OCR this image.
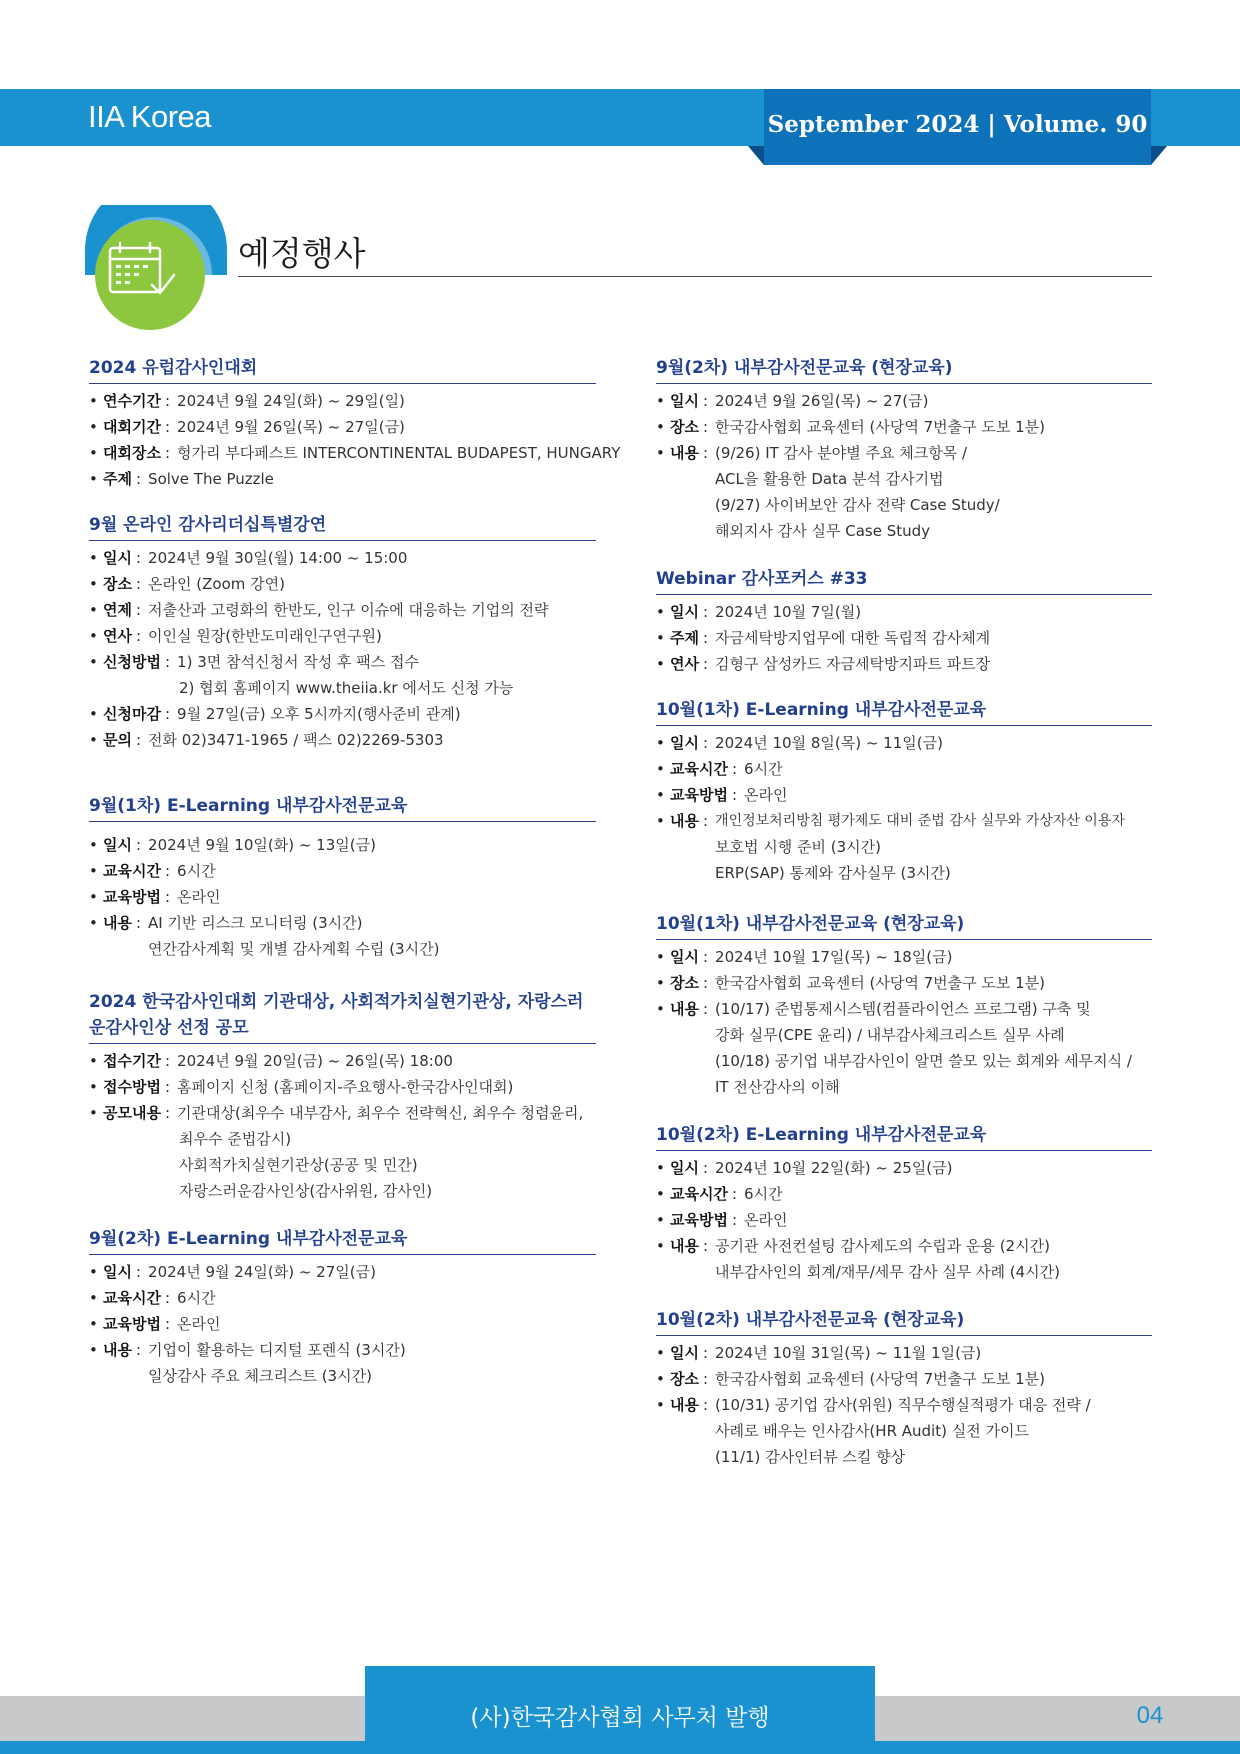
IIA Korea	September 2024 | Volume. 90
예정행사
2024 유럽감사인대회
• 연수기간 : 2024년 9월 24일(화) ~ 29일(일)
• 대회기간 : 2024년 9월 26일(목) ~ 27일(금)
• 대회장소 : 헝가리 부다페스트 INTERCONTINENTAL BUDAPEST, HUNGARY
• 주제 : Solve The Puzzle
9월 온라인 감사리더십특별강연
• 일시 : 2024년 9월 30일(월) 14:00 ~ 15:00
• 장소 : 온라인 (Zoom 강연)
• 연제 : 저출산과 고령화의 한반도, 인구 이슈에 대응하는 기업의 전략
• 연사 : 이인실 원장(한반도미래인구연구원)
• 신청방법 : 1) 3면 참석신청서 작성 후 팩스 접수
2) 협회 홈페이지 www.theiia.kr 에서도 신청 가능
• 신청마감 : 9월 27일(금) 오후 5시까지(행사준비 관계)
• 문의 : 전화 02)3471-1965 / 팩스 02)2269-5303
9월(1차) E-Learning 내부감사전문교육
• 일시 : 2024년 9월 10일(화) ~ 13일(금)
• 교육시간 : 6시간
• 교육방법 : 온라인
• 내용 : AI 기반 리스크 모니터링 (3시간)
연간감사계획 및 개별 감사계획 수립 (3시간)
2024 한국감사인대회 기관대상, 사회적가치실현기관상, 자랑스러운감사인상 선정 공모
• 접수기간 : 2024년 9월 20일(금) ~ 26일(목) 18:00
• 접수방법 : 홈페이지 신청 (홈페이지-주요행사-한국감사인대회)
• 공모내용 : 기관대상(최우수 내부감사, 최우수 전략혁신, 최우수 청렴윤리,
최우수 준법감시)
사회적가치실현기관상(공공 및 민간)
자랑스러운감사인상(감사위원, 감사인)
9월(2차) E-Learning 내부감사전문교육
• 일시 : 2024년 9월 24일(화) ~ 27일(금)
• 교육시간 : 6시간
• 교육방법 : 온라인
• 내용 : 기업이 활용하는 디지털 포렌식 (3시간)
일상감사 주요 체크리스트 (3시간)
9월(2차) 내부감사전문교육 (현장교육)
• 일시 : 2024년 9월 26일(목) ~ 27(금)
• 장소 : 한국감사협회 교육센터 (사당역 7번출구 도보 1분)
• 내용 : (9/26) IT 감사 분야별 주요 체크항목 /
ACL을 활용한 Data 분석 감사기법
(9/27) 사이버보안 감사 전략 Case Study/
해외지사 감사 실무 Case Study
Webinar 감사포커스 #33
• 일시 : 2024년 10월 7일(월)
• 주제 : 자금세탁방지업무에 대한 독립적 감사체계
• 연사 : 김형구 삼성카드 자금세탁방지파트 파트장
10월(1차) E-Learning 내부감사전문교육
• 일시 : 2024년 10월 8일(목) ~ 11일(금)
• 교육시간 : 6시간
• 교육방법 : 온라인
• 내용 : 개인정보처리방침 평가제도 대비 준법 감사 실무와 가상자산 이용자
보호법 시행 준비 (3시간)
ERP(SAP) 통제와 감사실무 (3시간)
10월(1차) 내부감사전문교육 (현장교육)
• 일시 : 2024년 10월 17일(목) ~ 18일(금)
• 장소 : 한국감사협회 교육센터 (사당역 7번출구 도보 1분)
• 내용 : (10/17) 준법통제시스템(컴플라이언스 프로그램) 구축 및
강화 실무(CPE 윤리) / 내부감사체크리스트 실무 사례
(10/18) 공기업 내부감사인이 알면 쓸모 있는 회계와 세무지식 /
IT 전산감사의 이해
10월(2차) E-Learning 내부감사전문교육
• 일시 : 2024년 10월 22일(화) ~ 25일(금)
• 교육시간 : 6시간
• 교육방법 : 온라인
• 내용 : 공기관 사전컨설팅 감사제도의 수립과 운용 (2시간)
내부감사인의 회계/재무/세무 감사 실무 사례 (4시간)
10월(2차) 내부감사전문교육 (현장교육)
• 일시 : 2024년 10월 31일(목) ~ 11월 1일(금)
• 장소 : 한국감사협회 교육센터 (사당역 7번출구 도보 1분)
• 내용 : (10/31) 공기업 감사(위원) 직무수행실적평가 대응 전략 /
사례로 배우는 인사감사(HR Audit) 실전 가이드
(11/1) 감사인터뷰 스킬 향상
(사)한국감사협회 사무처 발행	04
